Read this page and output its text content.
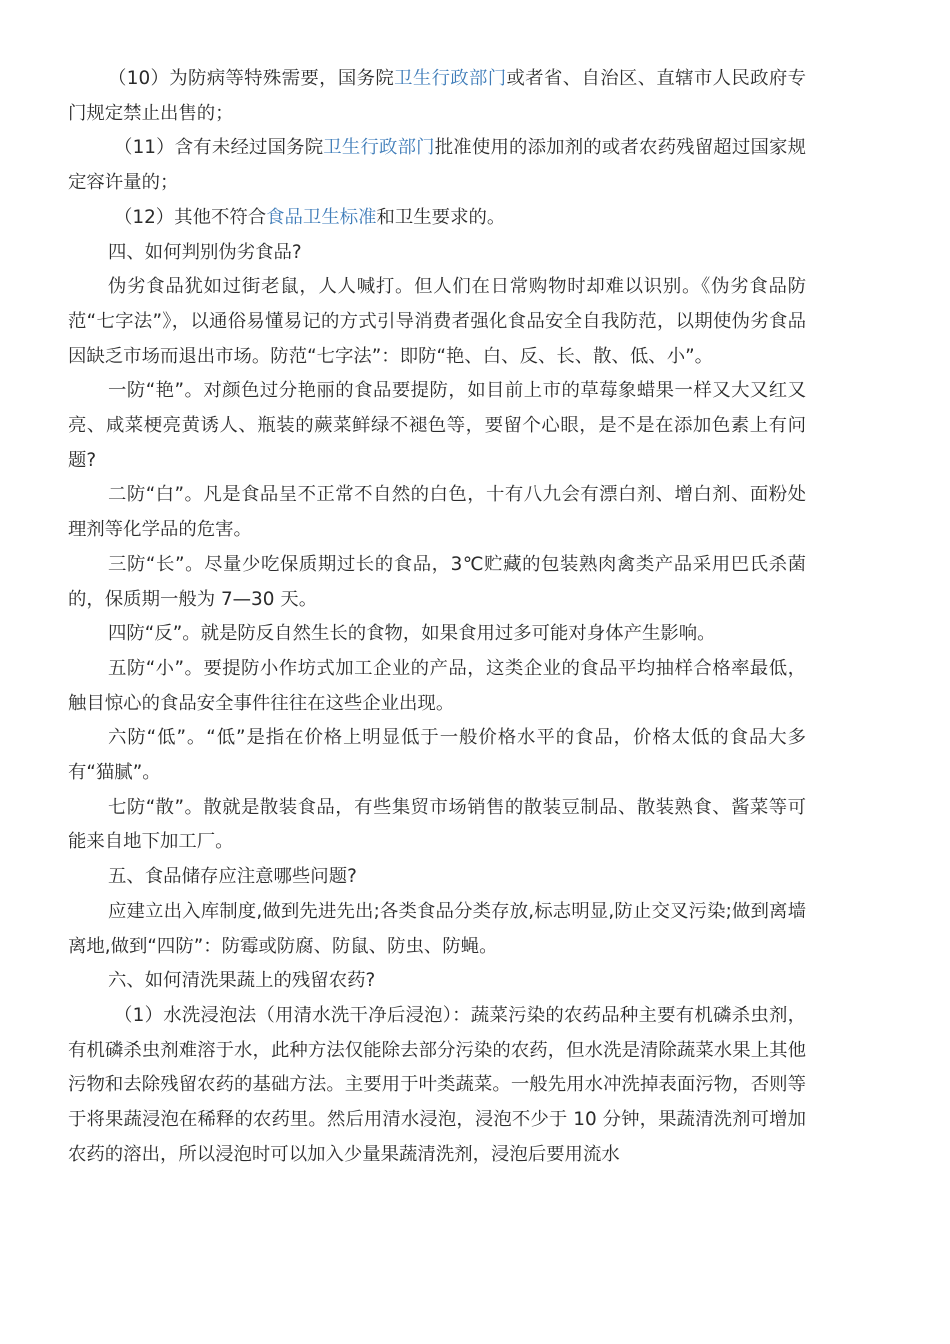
（10）为防病等特殊需要，国务院卫生行政部门或者省、自治区、直辖市人民政府专门规定禁止出售的；

（11）含有未经过国务院卫生行政部门批准使用的添加剂的或者农药残留超过国家规定容许量的；

（12）其他不符合食品卫生标准和卫生要求的。

四、如何判别伪劣食品?

伪劣食品犹如过街老鼠，人人喊打。但人们在日常购物时却难以识别。《伪劣食品防范“七字法”》，以通俗易懂易记的方式引导消费者强化食品安全自我防范，以期使伪劣食品因缺乏市场而退出市场。防范“七字法”：即防“艳、白、反、长、散、低、小”。

一防“艳”。对颜色过分艳丽的食品要提防，如目前上市的草莓象蜡果一样又大又红又亮、咸菜梗亮黄诱人、瓶装的蕨菜鲜绿不褪色等，要留个心眼，是不是在添加色素上有问题?

二防“白”。凡是食品呈不正常不自然的白色，十有八九会有漂白剂、增白剂、面粉处理剂等化学品的危害。

三防“长”。尽量少吃保质期过长的食品，3℃贮藏的包装熟肉禽类产品采用巴氏杀菌的，保质期一般为 7—30 天。

四防“反”。就是防反自然生长的食物，如果食用过多可能对身体产生影响。

五防“小”。要提防小作坊式加工企业的产品，这类企业的食品平均抽样合格率最低，触目惊心的食品安全事件往往在这些企业出现。

六防“低”。“低”是指在价格上明显低于一般价格水平的食品，价格太低的食品大多有“猫腻”。

七防“散”。散就是散装食品，有些集贸市场销售的散装豆制品、散装熟食、酱菜等可能来自地下加工厂。

五、食品储存应注意哪些问题?

应建立出入库制度,做到先进先出;各类食品分类存放,标志明显,防止交叉污染;做到离墙离地,做到“四防”：防霉或防腐、防鼠、防虫、防蝇。

六、如何清洗果蔬上的残留农药?

（1）水洗浸泡法（用清水洗干净后浸泡）：蔬菜污染的农药品种主要有机磷杀虫剂，有机磷杀虫剂难溶于水，此种方法仅能除去部分污染的农药，但水洗是清除蔬菜水果上其他污物和去除残留农药的基础方法。主要用于叶类蔬菜。一般先用水冲洗掉表面污物，否则等于将果蔬浸泡在稀释的农药里。然后用清水浸泡，浸泡不少于 10 分钟，果蔬清洗剂可增加农药的溶出，所以浸泡时可以加入少量果蔬清洗剂，浸泡后要用流水
